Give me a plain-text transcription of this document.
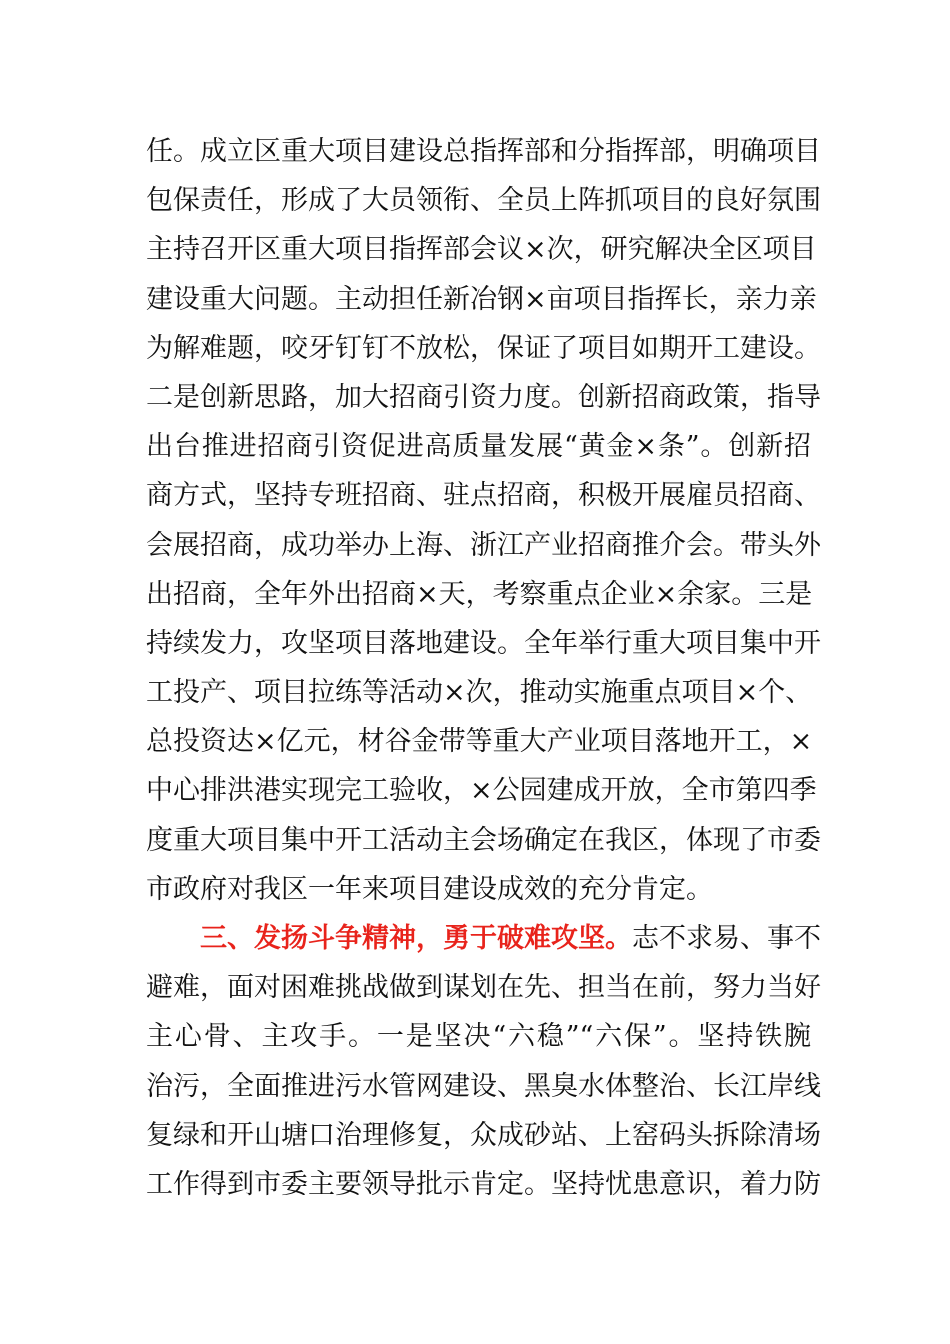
任。成立区重大项目建设总指挥部和分指挥部，明确项目
包保责任，形成了大员领衔、全员上阵抓项目的良好氛围
主持召开区重大项目指挥部会议×次，研究解决全区项目
建设重大问题。主动担任新冶钢×亩项目指挥长，亲力亲
为解难题，咬牙钉钉不放松，保证了项目如期开工建设。
二是创新思路，加大招商引资力度。创新招商政策，指导
出台推进招商引资促进高质量发展“黄金×条”。创新招
商方式，坚持专班招商、驻点招商，积极开展雇员招商、
会展招商，成功举办上海、浙江产业招商推介会。带头外
出招商，全年外出招商×天，考察重点企业×余家。三是
持续发力，攻坚项目落地建设。全年举行重大项目集中开
工投产、项目拉练等活动×次，推动实施重点项目×个、
总投资达×亿元，材谷金带等重大产业项目落地开工，×
中心排洪港实现完工验收，×公园建成开放，全市第四季
度重大项目集中开工活动主会场确定在我区，体现了市委
市政府对我区一年来项目建设成效的充分肯定。
三、发扬斗争精神，勇于破难攻坚。志不求易、事不
避难，面对困难挑战做到谋划在先、担当在前，努力当好
主心骨、主攻手。一是坚决“六稳”“六保”。坚持铁腕
治污，全面推进污水管网建设、黑臭水体整治、长江岸线
复绿和开山塘口治理修复，众成砂站、上窑码头拆除清场
工作得到市委主要领导批示肯定。坚持忧患意识，着力防
